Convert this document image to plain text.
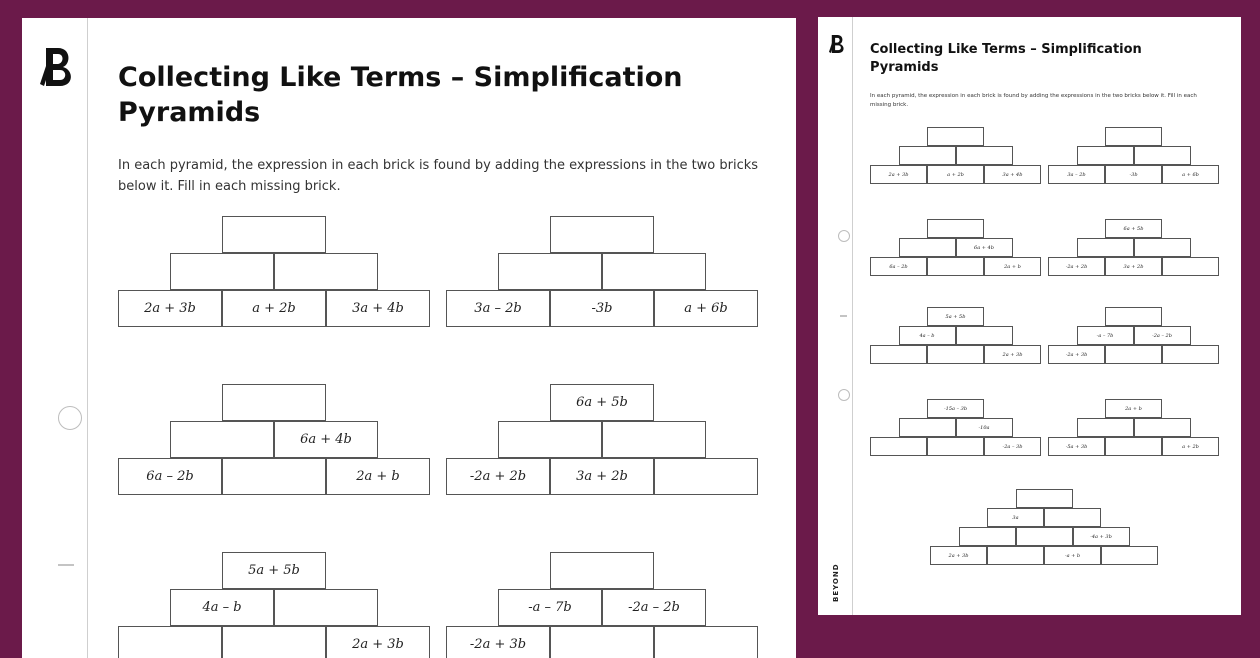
Collecting Like Terms – Simplification
Pyramids

In each pyramid, the expression in each brick is found by adding the expressions in the two bricks below it. Fill in each missing brick.

2a + 3b	a + 2b	3a + 4b	3a – 2b	-3b	a + 6b
6a + 4b
6a – 2b	2a + b
6a + 5b
-2a + 2b	3a + 2b
5a + 5b
4a – b
2a + 3b
-a – 7b	-2a – 2b
-2a + 3b
Collecting Like Terms – Simplification
Pyramids

In each pyramid, the expression in each brick is found by adding the expressions in the two bricks below it. Fill in each missing brick.

2a + 3b	a + 2b	3a + 4b	3a – 2b	-3b	a + 6b
6a + 4b
6a – 2b	2a + b
6a + 5b
-2a + 2b	3a + 2b
5a + 5b
4a – b
2a + 3b
-a – 7b	-2a – 2b
-2a + 3b
-15a – 3b
-10a
-2a – 3b
2a + b
-5a + 3b	a + 2b
3a
-4a + 3b
2a + 3b	-a + b
BEYOND
